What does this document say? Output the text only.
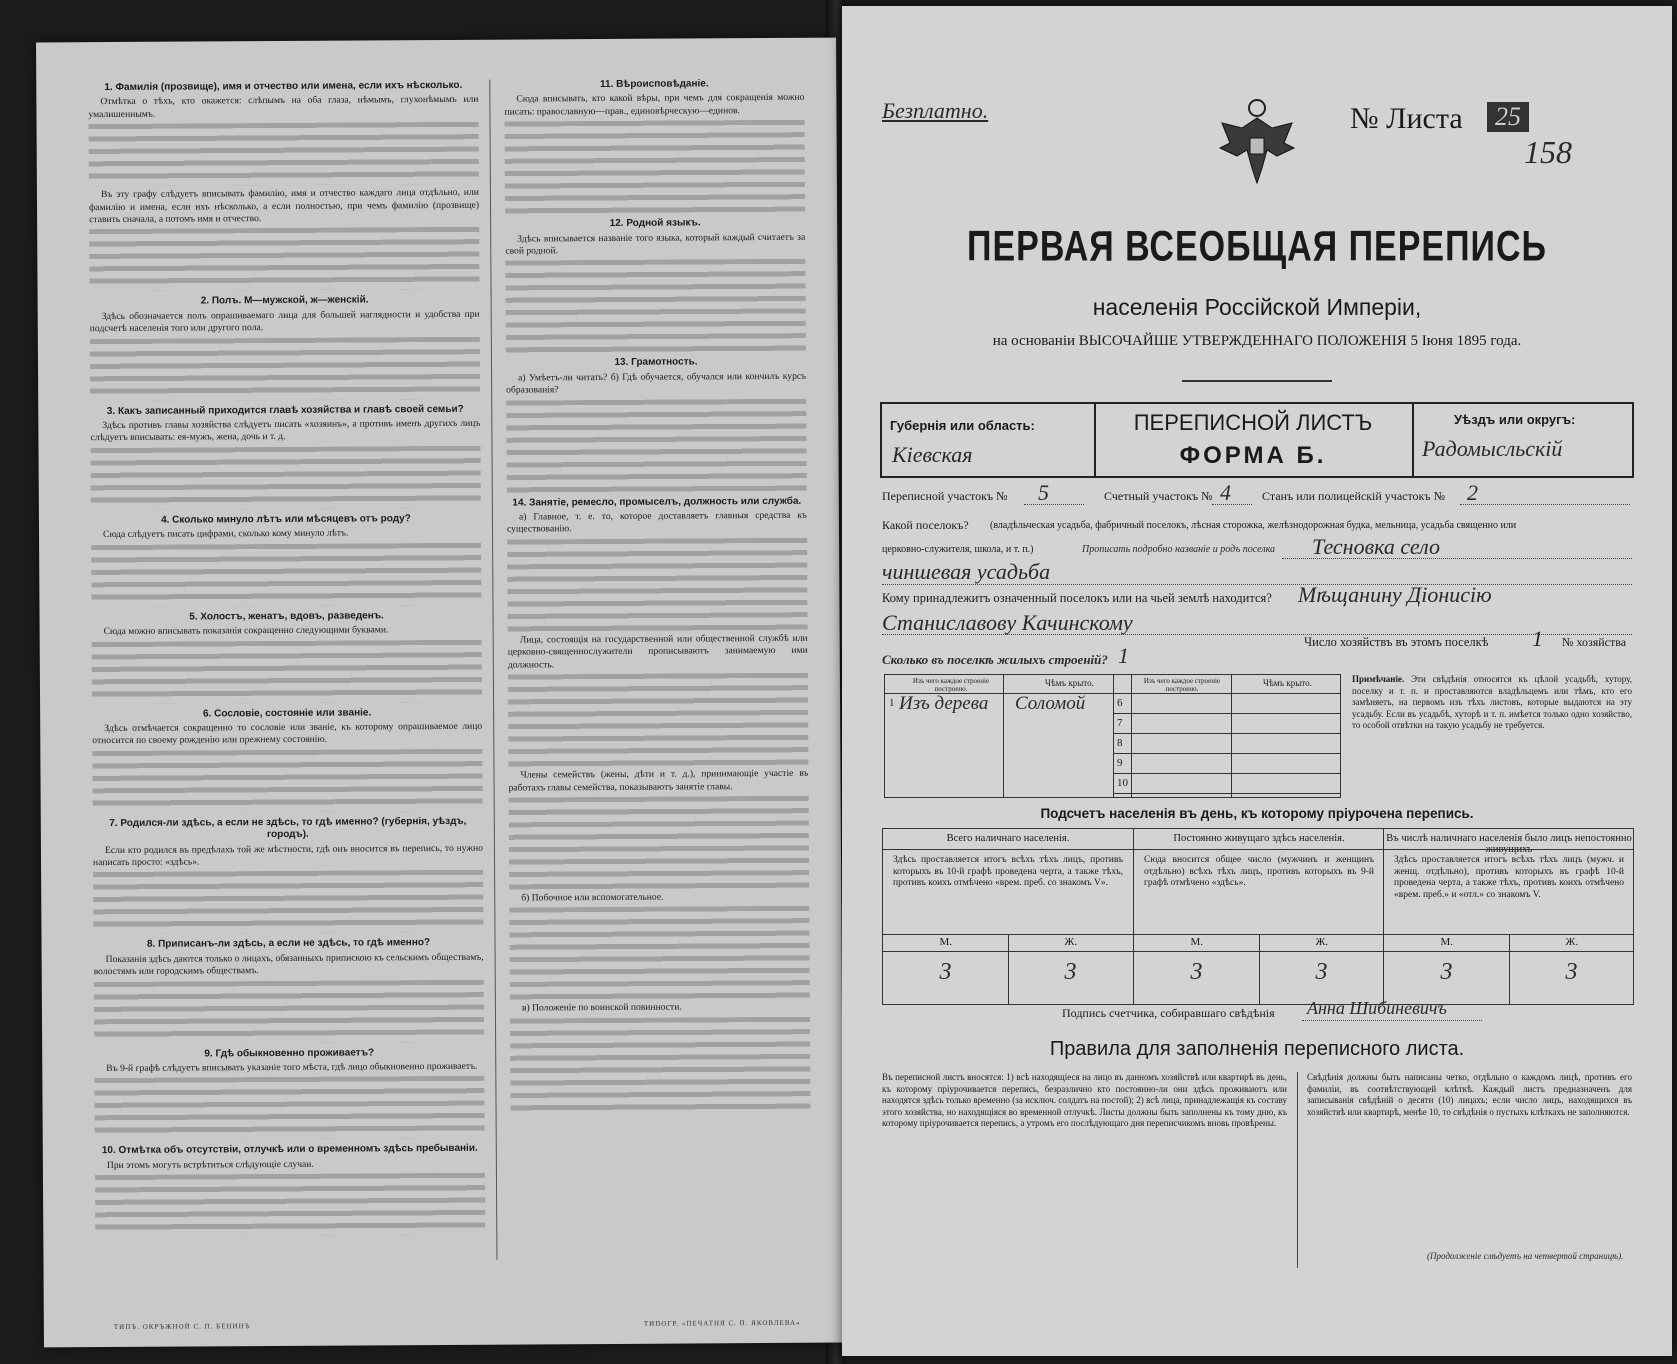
1. Фамилія (прозвище), имя и отчество или имена, если ихъ нѣсколько.
Отмѣтка о тѣхъ, кто окажется: слѣпымъ на оба глаза, нѣмымъ, глухонѣмымъ или умалишеннымъ.
Въ эту графу слѣдуетъ вписывать фамилію, имя и отчество каждаго лица отдѣльно, или фамилію и имена, если ихъ нѣсколько, а если полностью, при чемъ фамилію (прозвище) ставить сначала, а потомъ имя и отчество.
2. Полъ. М—мужской, ж—женскій.
Здѣсь обозначается полъ опрашиваемаго лица для большей наглядности и удобства при подсчетѣ населенія того или другого пола.
3. Какъ записанный приходится главѣ хозяйства и главѣ своей семьи?
Здѣсь противъ главы хозяйства слѣдуетъ писать «хозяинъ», а противъ именъ другихъ лицъ слѣдуетъ вписывать: ея-мужъ, жена, дочь и т. д.
4. Сколько минуло лѣтъ или мѣсяцевъ отъ роду?
Сюда слѣдуетъ писать цифрами, сколько кому минуло лѣтъ.
5. Холостъ, женатъ, вдовъ, разведенъ.
Сюда можно вписывать показанія сокращенно следующими буквами.
6. Сословіе, состояніе или званіе.
Здѣсь отмѣчается сокращенно то сословіе или званіе, къ которому опрашиваемое лицо относится по своему рожденію или прежнему состоянію.
7. Родился-ли здѣсь, а если не здѣсь, то гдѣ именно? (губернія, уѣздъ, городъ).
Если кто родился въ предѣлахъ той же мѣстности, гдѣ онъ вносится въ перепись, то нужно написать просто: «здѣсь».
8. Приписанъ-ли здѣсь, а если не здѣсь, то гдѣ именно?
Показанія здѣсь даются только о лицахъ, обязанныхъ припискою къ сельскимъ обществамъ, волостямъ или городскимъ обществамъ.
9. Гдѣ обыкновенно проживаетъ?
Въ 9-й графѣ слѣдуетъ вписывать указаніе того мѣста, гдѣ лицо обыкновенно проживаетъ.
10. Отмѣтка объ отсутствіи, отлучкѣ или о временномъ здѣсь пребываніи.
При этомъ могутъ встрѣтиться слѣдующіе случаи.
11. Вѣроисповѣданіе.
Сюда вписывать, кто какой вѣры, при чемъ для сокращенія можно писать: православную—прав., единовѣрческую—единов.
12. Родной языкъ.
Здѣсь вписывается названіе того языка, который каждый считаетъ за свой родной.
13. Грамотность.
а) Умѣетъ-ли читать? б) Гдѣ обучается, обучался или кончилъ курсъ образованія?
14. Занятіе, ремесло, промыселъ, должность или служба.
а) Главное, т. е. то, которое доставляетъ главныя средства къ существованію.
Лица, состоящія на государственной или общественной службѣ или церковно-священнослужители прописываютъ занимаемую ими должность.
Члены семействъ (жены, дѣти и т. д.), принимающіе участіе въ работахъ главы семейства, показываютъ занятіе главы.
б) Побочное или вспомогательное.
в) Положеніе по воинской повинности.
ТИПЪ. ОКРЪЖНОЙ С. П. БЕНИНЪ	ТИПОГР. «ПЕЧАТНЯ С. П. ЯКОВЛЕВА»
Безплатно.	№ Листа	25
158
ПЕРВАЯ ВСЕОБЩАЯ ПЕРЕПИСЬ
населенія Россійской Имперіи,
на основаніи ВЫСОЧАЙШЕ УТВЕРЖДЕННАГО ПОЛОЖЕНІЯ 5 Іюня 1895 года.
Губернія или область:
Кіевская
ПЕРЕПИСНОЙ ЛИСТЪ
ФОРМА Б.
Уѣздъ или округъ:
Радомысльскій
Переписной участокъ № 5	Счетный участокъ № 4	Станъ или полицейскій участокъ № 2
Какой поселокъ? (владѣльческая усадьба, фабричный поселокъ, лѣсная сторожка, желѣзнодорожная будка, мельница, усадьба священно или
церковно-служителя, школа, и т. п.)	Прописать подробно названіе и родъ поселка Тесновка село
чиншевая усадьба
Кому принадлежитъ означенный поселокъ или на чьей землѣ находится? Мѣщанину Діонисію
Станиславову Качинскому
Число хозяйствъ въ этомъ поселкѣ 1 № хозяйства
Сколько въ поселкѣ жилыхъ строеній? 1
Изъ чего каждое строеніе построено.
Чѣмъ крыто.	Изъ чего каждое строеніе построено.
Чѣмъ крыто.
1 Изъ дерева Соломой	6
7
8
9
10
Примѣчаніе. Эти свѣдѣнія относятся къ цѣлой усадьбѣ, хутору, поселку и т. п. и проставляются владѣльцемъ или тѣмъ, кто его замѣняетъ, на первомъ изъ тѣхъ листовъ, которые выдаются на эту усадьбу. Если въ усадьбѣ, хуторѣ и т. п. имѣется только одно хозяйство, то особой отвѣтки на такую усадьбу не требуется.
Подсчетъ населенія въ день, къ которому пріурочена перепись.
Всего наличнаго населенія.
Здѣсь проставляется итогъ всѣхъ тѣхъ лицъ, противъ которыхъ въ 10-й графѣ проведена черта, а также тѣхъ, противъ коихъ отмѣчено «врем. преб. со знакомъ V».
М.	Ж.
3	3
Постоянно живущаго здѣсь населенія.
Сюда вносится общее число (мужчинъ и женщинъ отдѣльно) всѣхъ тѣхъ лицъ, противъ которыхъ въ 9-й графѣ отмѣчено «здѣсь».
М.	Ж.
3	3
Въ числѣ наличнаго населенія было лицъ непостоянно
Здѣсь проставляется итогъ всѣхъ тѣхъ лицъ (мужч. и женщ. отдѣльно), противъ которыхъ въ графѣ 10-й проведена черта, а также тѣхъ, противъ коихъ отмѣчено «врем. преб.» и «отл.» со знакомъ V.
М.	Ж.
3	3
Подпись счетчика, собиравшаго свѣдѣнія Анна Шибиневичъ
Правила для заполненія переписного листа.
Въ переписной листъ вносятся: 1) всѣ находящіеся на лицо въ данномъ хозяйствѣ или квартирѣ въ день, къ которому пріурочивается перепись, безразлично кто постоянно-ли они здѣсь проживаютъ или находятся здѣсь только временно (за исключ. солдатъ на постой); 2) всѣ лица, принадлежащія къ составу этого хозяйства, но находящіяся во временной отлучкѣ. Листы должны быть заполнены къ тому дню, къ которому пріурочивается перепись, а утромъ его послѣдующаго дня переписчикомъ вновь провѣрены.
Свѣдѣнія должны быть написаны четко, отдѣльно о каждомъ лицѣ, противъ его фамиліи, въ соотвѣтствующей клѣткѣ. Каждый листъ предназначенъ для записыванія свѣдѣній о десяти (10) лицахъ; если число лицъ, находящихся въ хозяйствѣ или квартирѣ, менѣе 10, то свѣдѣнія о пустыхъ клѣткахъ не заполняются.
(Продолженіе слѣдуетъ на четвертой страницѣ).
